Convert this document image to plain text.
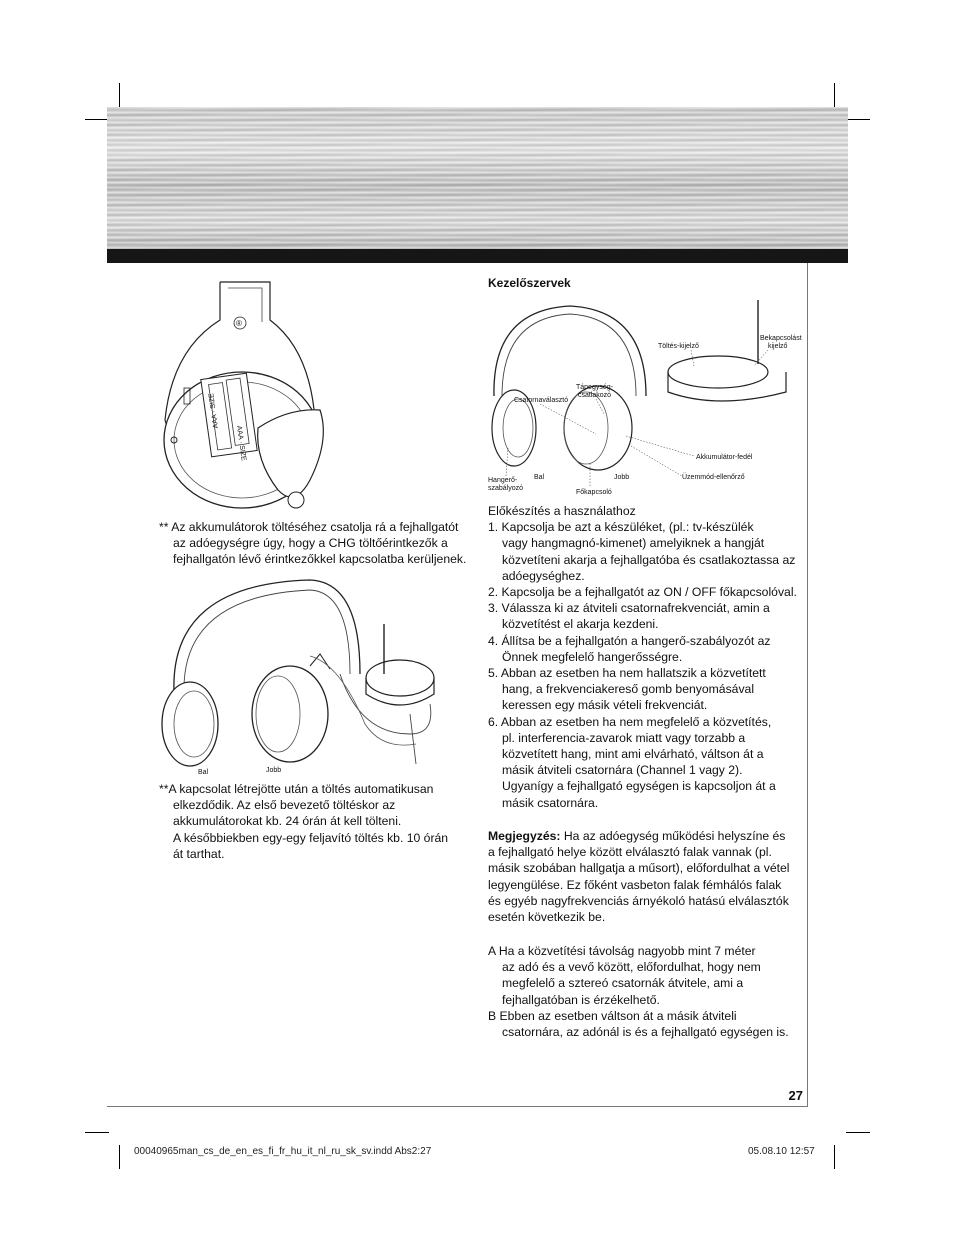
27
AAA · SIZE
AAA · SIZE
®

** Az akkumulátorok töltéséhez csatolja rá a fejhallgatót

az adóegységre úgy, hogy a CHG töltőérintkezők a

fejhallgatón lévő érintkezőkkel kapcsolatba kerüljenek.

Bal	Jobb

**A kapcsolat létrejötte után a töltés automatikusan

elkezdődik. Az első bevezető töltéskor az

akkumulátorokat kb. 24 órán át kell tölteni.

A későbbiekben egy-egy feljavító töltés kb. 10 órán

át tarthat.

Kezelőszervek
Töltés-kijelző
Bekapcsolást
kijelző
Tápegység-
csatlakozó
Csatornaválasztó
Akkumulátor-fedél
Üzemmód-ellenőrző
Hangerő-
szabályozó
Bal	Jobb
Főkapcsoló

Előkészítés a használathoz

1. Kapcsolja be azt a készüléket, (pl.: tv-készülék

vagy hangmagnó-kimenet) amelyiknek a hangját

közvetíteni akarja a fejhallgatóba és csatlakoztassa az

adóegységhez.

2. Kapcsolja be a fejhallgatót az ON / OFF főkapcsolóval.

3. Válassza ki az átviteli csatornafrekvenciát, amin a

közvetítést el akarja kezdeni.

4. Állítsa be a fejhallgatón a hangerő-szabályozót az

Önnek megfelelő hangerősségre.

5. Abban az esetben ha nem hallatszik a közvetített

hang, a frekvenciakereső gomb benyomásával

keressen egy másik vételi frekvenciát.

6. Abban az esetben ha nem megfelelő a közvetítés,

pl. interferencia-zavarok miatt vagy torzabb a

közvetített hang, mint ami elvárható, váltson át a

másik átviteli csatornára (Channel 1 vagy 2).

Ugyanígy a fejhallgató egységen is kapcsoljon át a

másik csatornára.

Megjegyzés: Ha az adóegység működési helyszíne és

a fejhallgató helye között elválasztó falak vannak (pl.

másik szobában hallgatja a műsort), előfordulhat a vétel

legyengülése. Ez főként vasbeton falak fémhálós falak

és egyéb nagyfrekvenciás árnyékoló hatású elválasztók

esetén következik be.

A Ha a közvetítési távolság nagyobb mint 7 méter

az adó és a vevő között, előfordulhat, hogy nem

megfelelő a sztereó csatornák átvitele, ami a

fejhallgatóban is érzékelhető.

B Ebben az esetben váltson át a másik átviteli

csatornára, az adónál is és a fejhallgató egységen is.

00040965man_cs_de_en_es_fi_fr_hu_it_nl_ru_sk_sv.indd Abs2:27	05.08.10 12:57
